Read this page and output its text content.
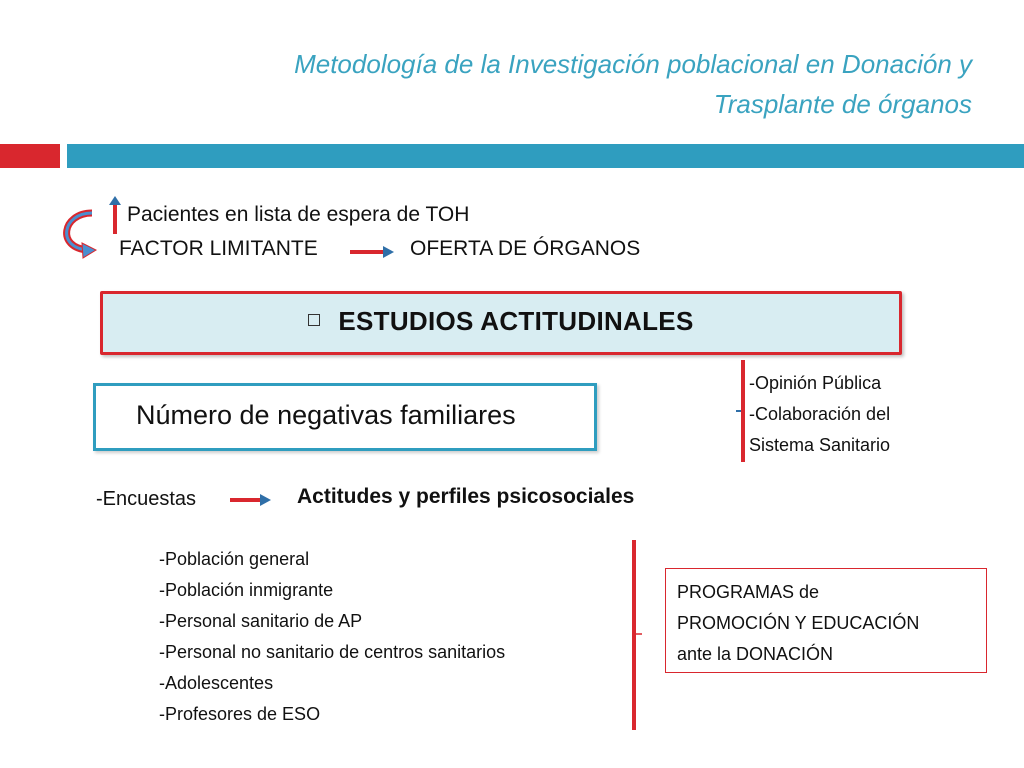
Metodología de la Investigación poblacional en Donación y
Trasplante de órganos
Pacientes en lista de espera de TOH
FACTOR LIMITANTE	OFERTA DE ÓRGANOS
ESTUDIOS ACTITUDINALES
Número de negativas familiares
-Opinión Pública
-Colaboración del
Sistema Sanitario
-Encuestas	Actitudes y perfiles psicosociales
-Población general
-Población inmigrante
-Personal sanitario de AP
-Personal no sanitario de centros sanitarios
-Adolescentes
-Profesores de ESO
PROGRAMAS de
PROMOCIÓN Y EDUCACIÓN
ante la DONACIÓN
